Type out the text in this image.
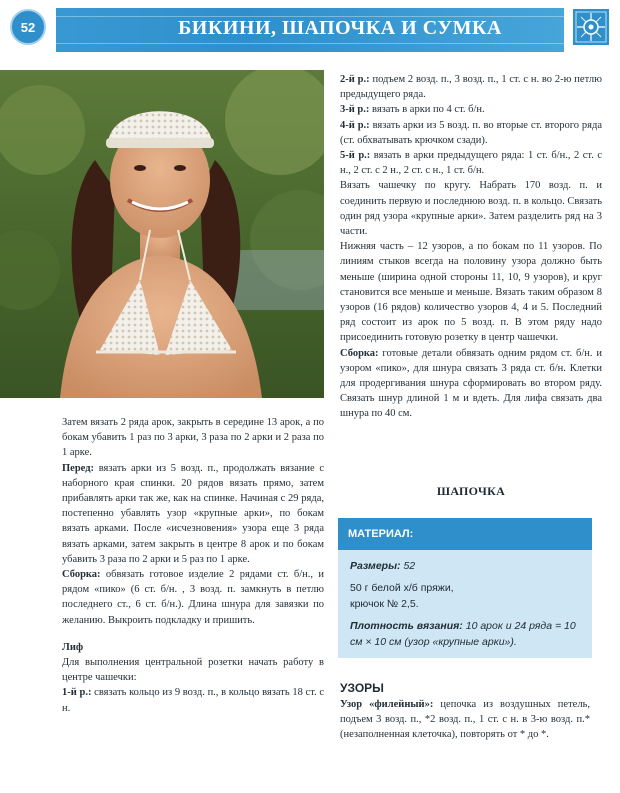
52	БИКИНИ, ШАПОЧКА И СУМКА

2-й р.: подъем 2 возд. п., 3 возд. п., 1 ст. с н. во 2-ю петлю предыдущего ряда.

3-й р.: вязать в арки по 4 ст. б/н.

4-й р.: вязать арки из 5 возд. п. во вторые ст. второго ряда (ст. обхватывать крючком сзади).

5-й р.: вязать в арки предыдущего ряда: 1 ст. б/н., 2 ст. с н., 2 ст. с 2 н., 2 ст. с н., 1 ст. б/н.

Вязать чашечку по кругу. Набрать 170 возд. п. и соединить первую и последнюю возд. п. в кольцо. Связать один ряд узора «крупные арки». Затем разделить ряд на 3 части.

Нижняя часть – 12 узоров, а по бокам по 11 узоров. По линиям стыков всегда на половину узора должно быть меньше (ширина одной стороны 11, 10, 9 узоров), и круг становится все меньше и меньше. Вязать таким образом 8 узоров (16 рядов) количество узоров 4, 4 и 5. Последний ряд состоит из арок по 5 возд. п. В этом ряду надо присоединить готовую розетку в центр чашечки.

Сборка: готовые детали обвязать одним рядом ст. б/н. и узором «пико», для шнура связать 3 ряда ст. б/н. Клетки для продергивания шнура сформировать во втором ряду. Связать шнур длиной 1 м и вдеть. Для лифа связать два шнура по 40 см.

Затем вязать 2 ряда арок, закрыть в середине 13 арок, а по бокам убавить 1 раз по 3 арки, 3 раза по 2 арки и 2 раза по 1 арке.

Перед: вязать арки из 5 возд. п., продолжать вязание с наборного края спинки. 20 рядов вязать прямо, затем прибавлять арки так же, как на спинке. Начиная с 29 ряда, постепенно убавлять узор «крупные арки», по бокам вязать арками. После «исчезновения» узора еще 3 ряда вязать арками, затем закрыть в центре 8 арок и по бокам убавить 3 раза по 2 арки и 5 раз по 1 арке.

Сборка: обвязать готовое изделие 2 рядами ст. б/н., и рядом «пико» (6 ст. б/н. , 3 возд. п. замкнуть в петлю последнего ст., 6 ст. б/н.). Длина шнура для завязки по желанию. Выкроить подкладку и пришить.

Лиф

Для выполнения центральной розетки начать работу в центре чашечки:

1-й р.: связать кольцо из 9 возд. п., в кольцо вязать 18 ст. с н.

ШАПОЧКА
МАТЕРИАЛ:

Размеры: 52

50 г белой х/б пряжи,

крючок № 2,5.

Плотность вязания: 10 арок и 24 ряда = 10 см × 10 см (узор «крупные арки»).

УЗОРЫ

Узор «филейный»: цепочка из воздушных петель, подъем 3 возд. п., *2 возд. п., 1 ст. с н. в 3-ю возд. п.* (незаполненная клеточка), повторять от * до *.
